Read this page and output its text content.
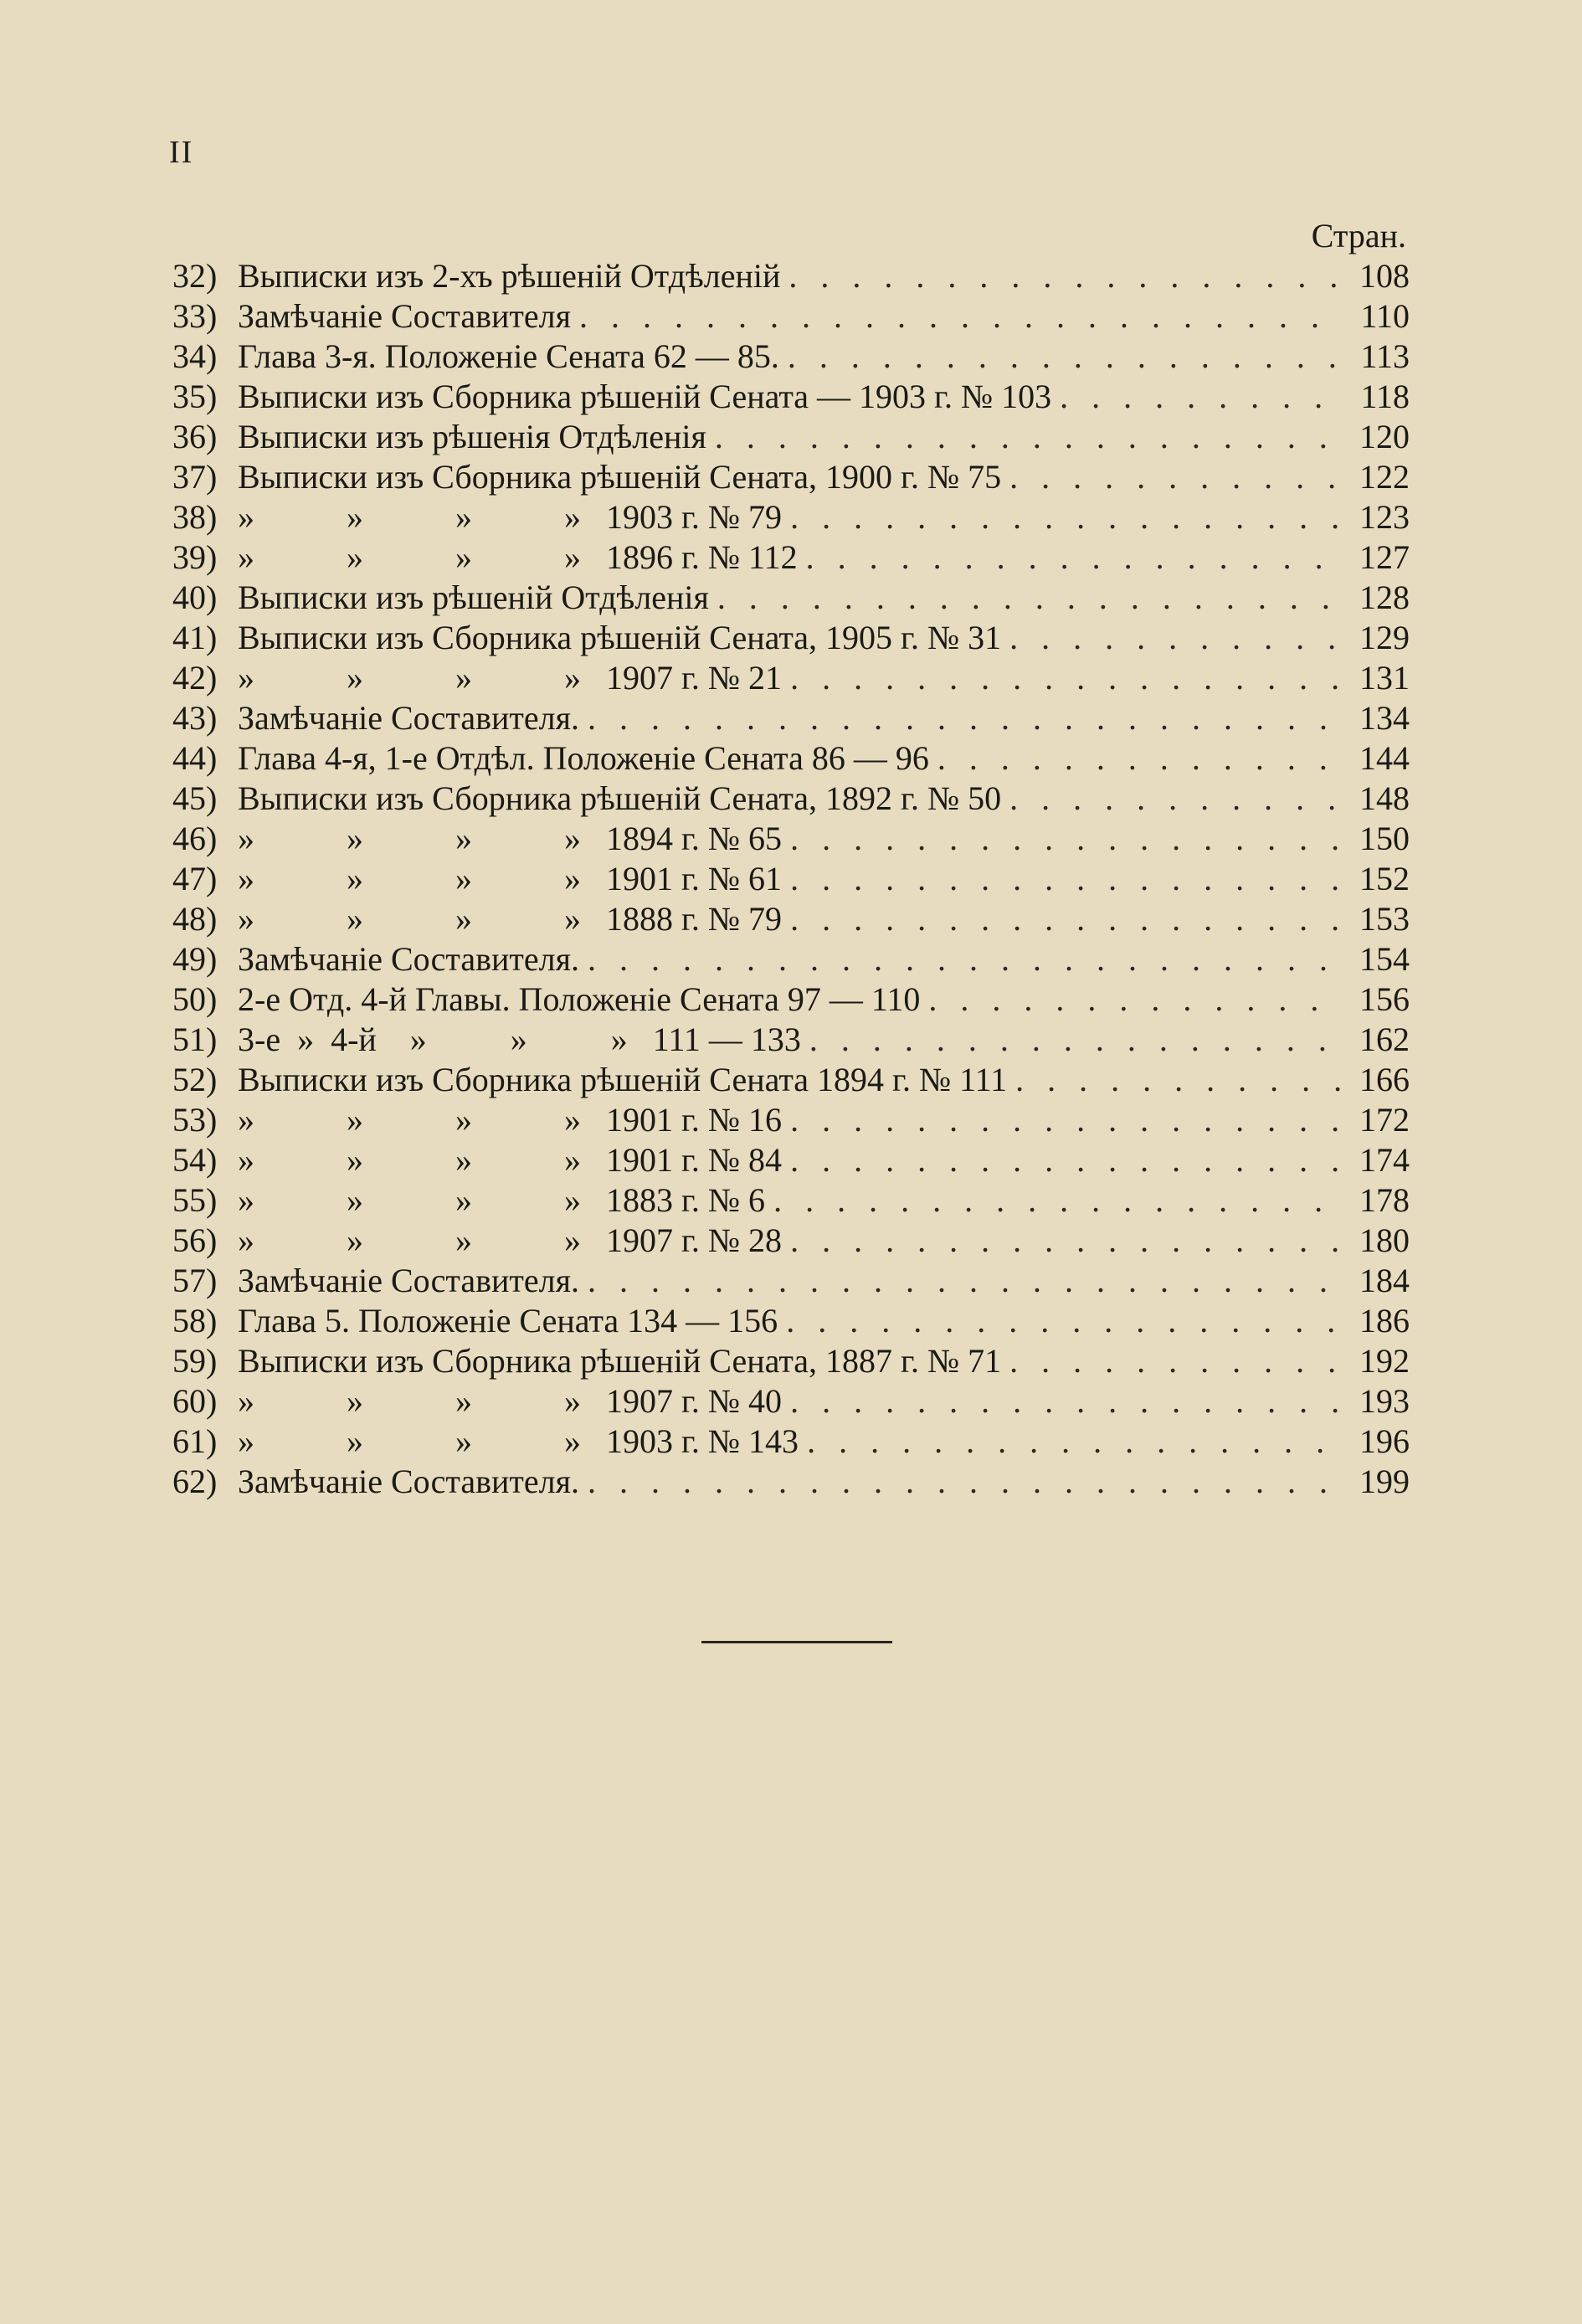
II
Стран.
32) Выписки изъ 2-хъ рѣшеній Отдѣленій . . .	108
33) Замѣчаніе Составителя . . .	110
34) Глава 3-я. Положеніе Сената 62 — 85. . . .	113
35) Выписки изъ Сборника рѣшеній Сената — 1903 г. № 103 . . .	118
36) Выписки изъ рѣшенія Отдѣленія . . .	120
37) Выписки изъ Сборника рѣшеній Сената, 1900 г. № 75 . . .	122
38) »           »           »           »   1903 г. № 79 . . .	123
39) »           »           »           »   1896 г. № 112 . . .	127
40) Выписки изъ рѣшеній Отдѣленія . . .	128
41) Выписки изъ Сборника рѣшеній Сената, 1905 г. № 31 . . .	129
42) »           »           »           »   1907 г. № 21 . . .	131
43) Замѣчаніе Составителя. . . .	134
44) Глава 4-я, 1-е Отдѣл. Положеніе Сената 86 — 96 . . .	144
45) Выписки изъ Сборника рѣшеній Сената, 1892 г. № 50 . . .	148
46) »           »           »           »   1894 г. № 65 . . .	150
47) »           »           »           »   1901 г. № 61 . . .	152
48) »           »           »           »   1888 г. № 79 . . .	153
49) Замѣчаніе Составителя. . . .	154
50) 2-е Отд. 4-й Главы. Положеніе Сената 97 — 110 . . .	156
51) 3-е  »  4-й    »          »          »   111 — 133 . . .	162
52) Выписки изъ Сборника рѣшеній Сената 1894 г. № 111 . . .	166
53) »           »           »           »   1901 г. № 16 . . .	172
54) »           »           »           »   1901 г. № 84 . . .	174
55) »           »           »           »   1883 г. № 6 . . .	178
56) »           »           »           »   1907 г. № 28 . . .	180
57) Замѣчаніе Составителя. . . .	184
58) Глава 5. Положеніе Сената 134 — 156 . . .	186
59) Выписки изъ Сборника рѣшеній Сената, 1887 г. № 71 . . .	192
60) »           »           »           »   1907 г. № 40 . . .	193
61) »           »           »           »   1903 г. № 143 . . .	196
62) Замѣчаніе Составителя. . . .	199
